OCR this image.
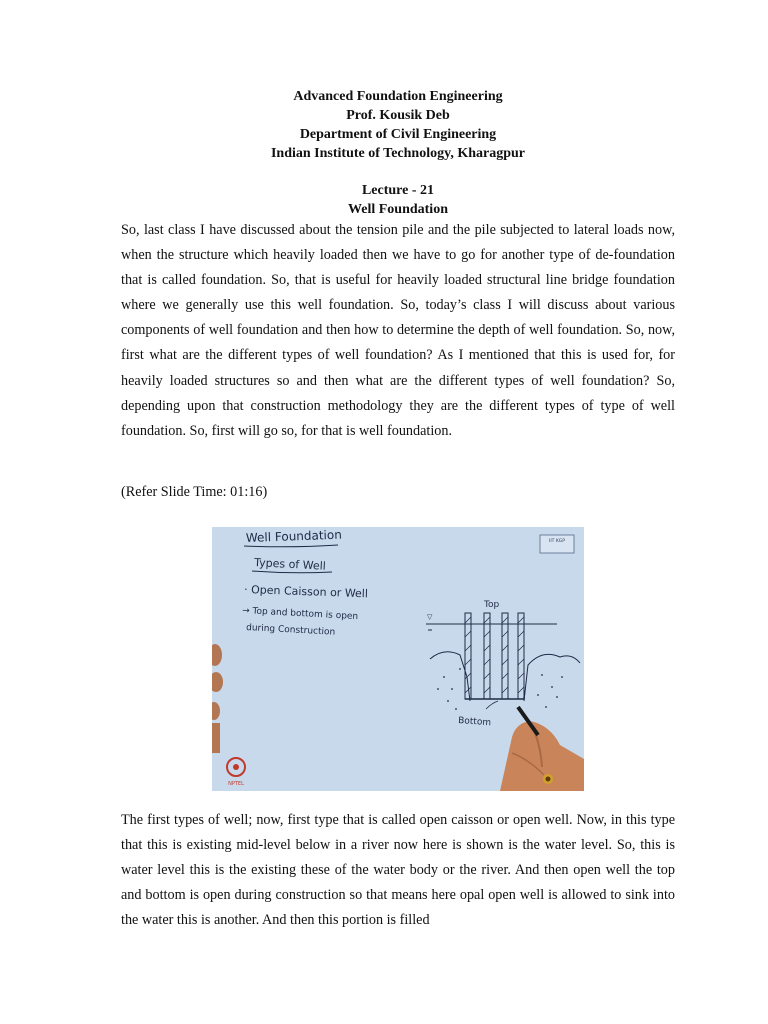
Advanced Foundation Engineering
Prof. Kousik Deb
Department of Civil Engineering
Indian Institute of Technology, Kharagpur
Lecture - 21
Well Foundation

So, last class I have discussed about the tension pile and the pile subjected to lateral loads now, when the structure which heavily loaded then we have to go for another type of de-foundation that is called foundation. So, that is useful for heavily loaded structural line bridge foundation where we generally use this well foundation. So, today’s class I will discuss about various components of well foundation and then how to determine the depth of well foundation. So, now, first what are the different types of well foundation? As I mentioned that this is used for, for heavily loaded structures so and then what are the different types of well foundation? So, depending upon that construction methodology they are the different types of type of well foundation. So, first will go so, for that is well foundation.

(Refer Slide Time: 01:16)
Well Foundation
Types of Well
· Open Caisson or Well
→ Top and bottom is open
during Construction
IIT KGP
▽
Top
Bottom
NPTEL

The first types of well; now, first type that is called open caisson or open well. Now, in this type that this is existing mid-level below in a river now here is shown is the water level. So, this is water level this is the existing these of the water body or the river. And then open well the top and bottom is open during construction so that means here opal open well is allowed to sink into the water this is another. And then this portion is filled
